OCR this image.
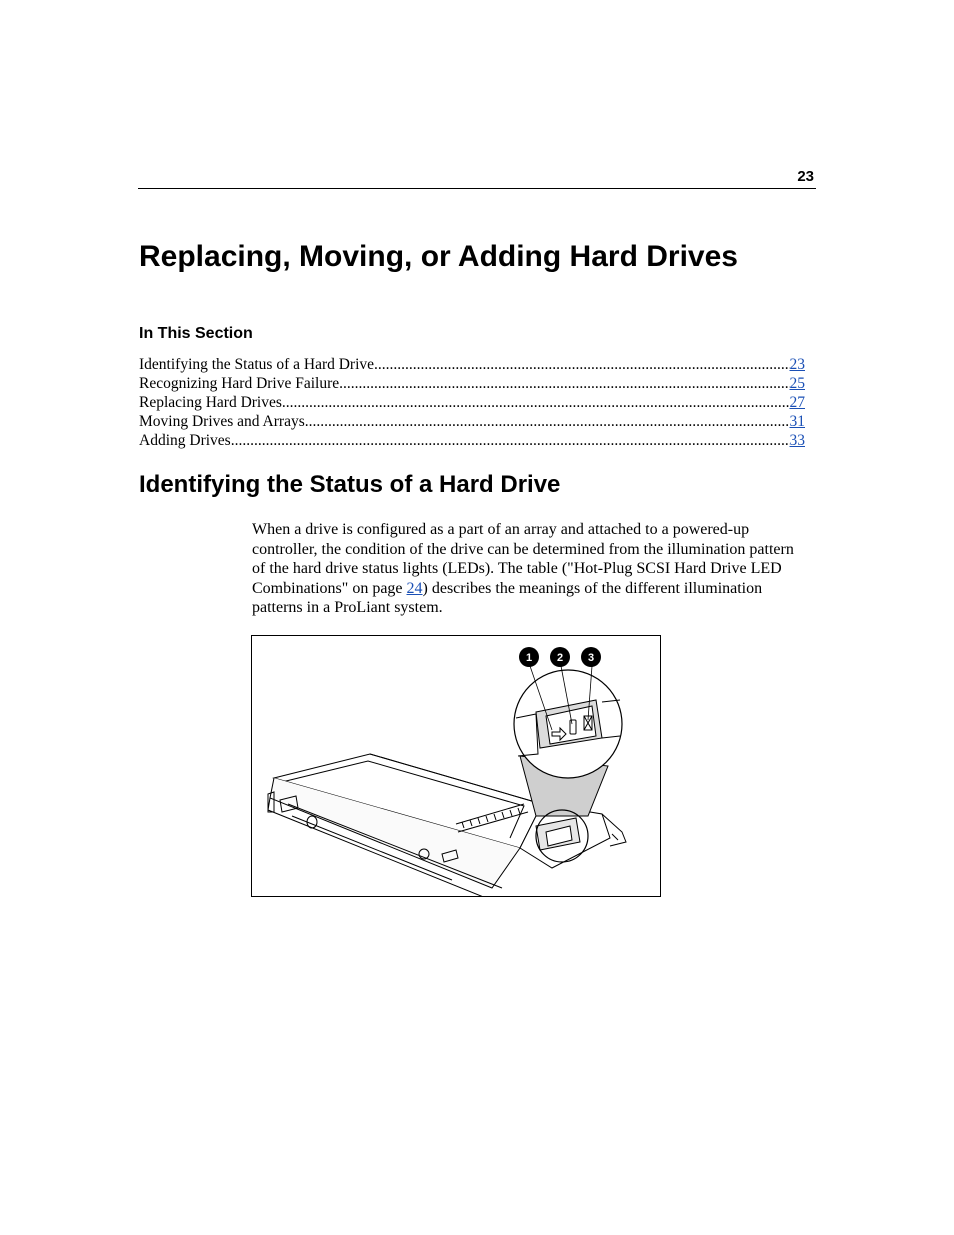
23
Replacing, Moving, or Adding Hard Drives
In This Section
Identifying the Status of a Hard Drive .....	23
Recognizing Hard Drive Failure .....	25
Replacing Hard Drives .....	27
Moving Drives and Arrays .....	31
Adding Drives .....	33
Identifying the Status of a Hard Drive

When a drive is configured as a part of an array and attached to a powered-up controller, the condition of the drive can be determined from the illumination pattern of the hard drive status lights (LEDs). The table ("Hot-Plug SCSI Hard Drive LED Combinations" on page 24) describes the meanings of the different illumination patterns in a ProLiant system.

1 2 3
